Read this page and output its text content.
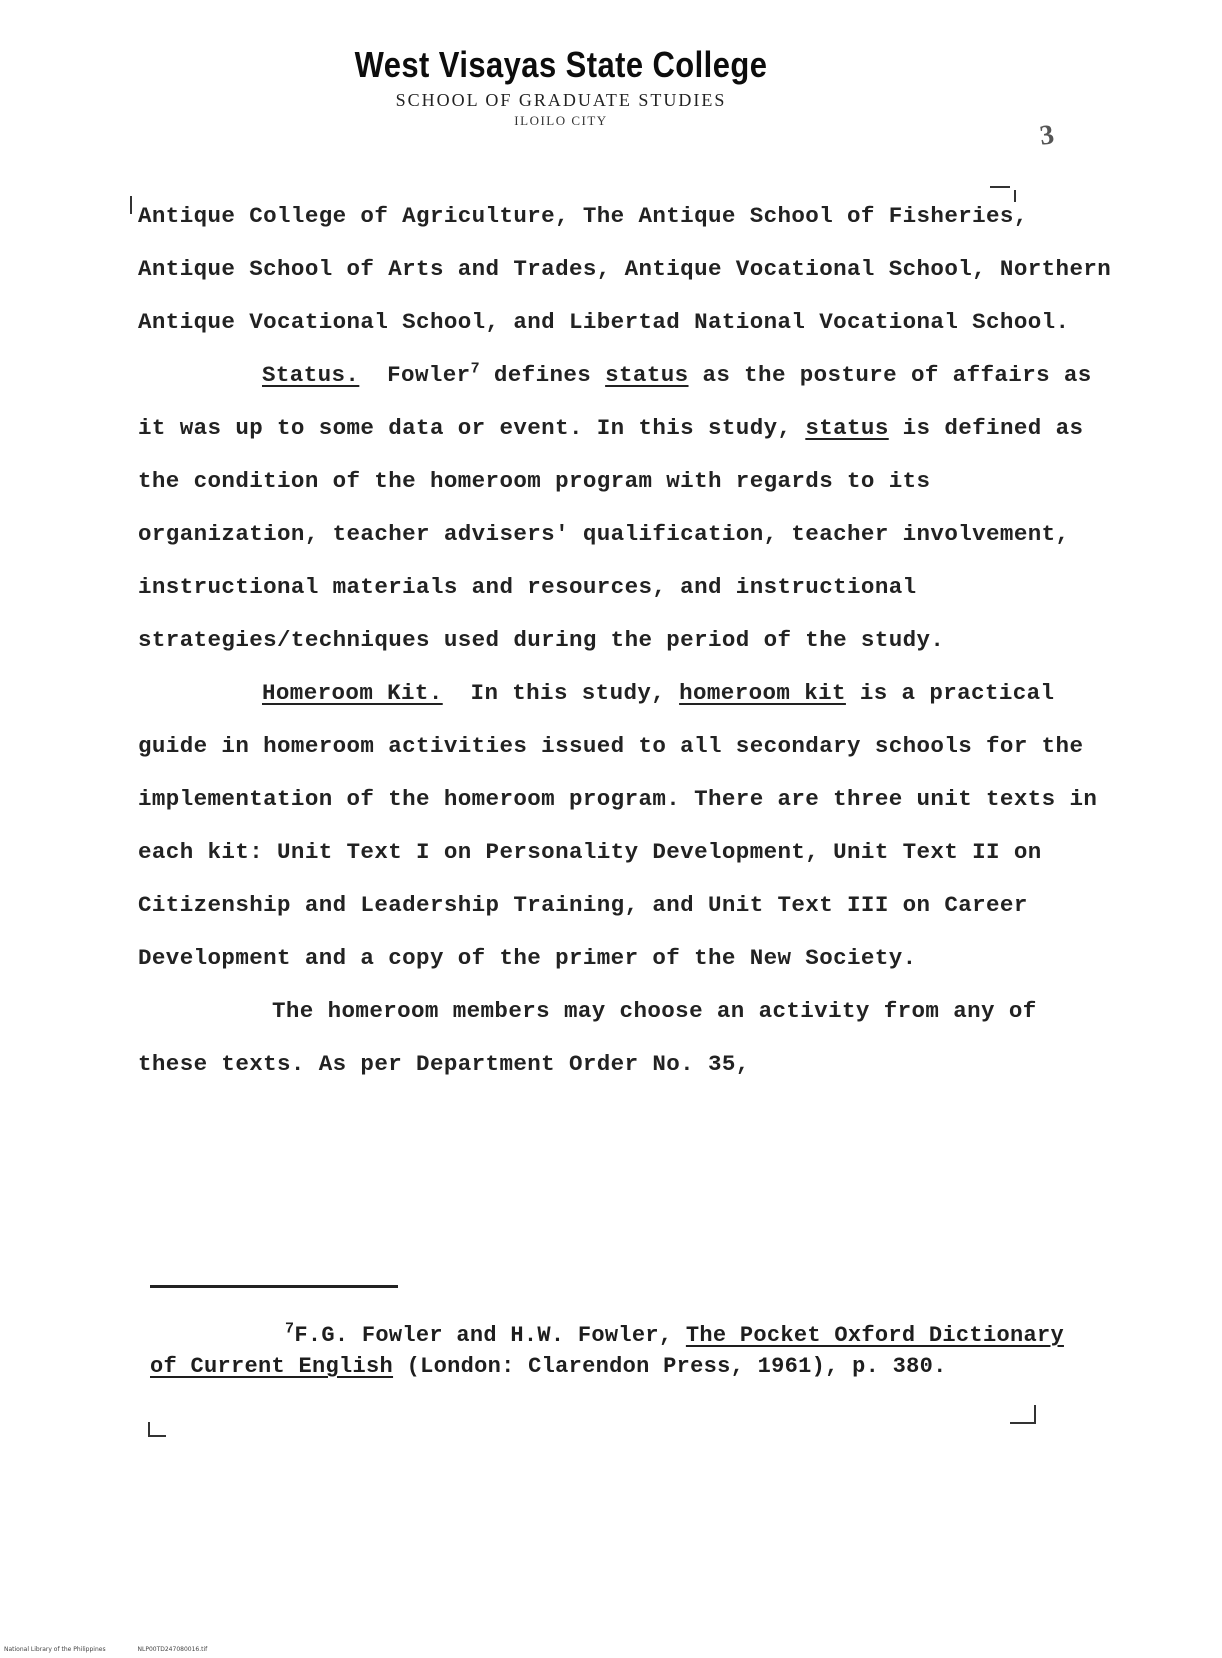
West Visayas State College
SCHOOL OF GRADUATE STUDIES
ILOILO CITY	3

Antique College of Agriculture, The Antique School of Fisheries, Antique School of Arts and Trades, Antique Vocational School, Northern Antique Vocational School, and Libertad National Vocational School.

Status. Fowler$^7$ defines status as the posture of affairs as it was up to some data or event. In this study, status is defined as the condition of the homeroom program with regards to its organization, teacher advisers' qualification, teacher involvement, instructional materials and resources, and instructional strategies/techniques used during the period of the study.

Homeroom Kit. In this study, homeroom kit is a practical guide in homeroom activities issued to all secondary schools for the implementation of the homeroom program. There are three unit texts in each kit: Unit Text I on Personality Development, Unit Text II on Citizenship and Leadership Training, and Unit Text III on Career Development and a copy of the primer of the New Society.

The homeroom members may choose an activity from any of these texts. As per Department Order No. 35,

$^7$F.G. Fowler and H.W. Fowler, The Pocket Oxford Dictionary of Current English (London: Clarendon Press, 1961), p. 380.
National Library of the Philippines	NLP00TD247080016.tif
